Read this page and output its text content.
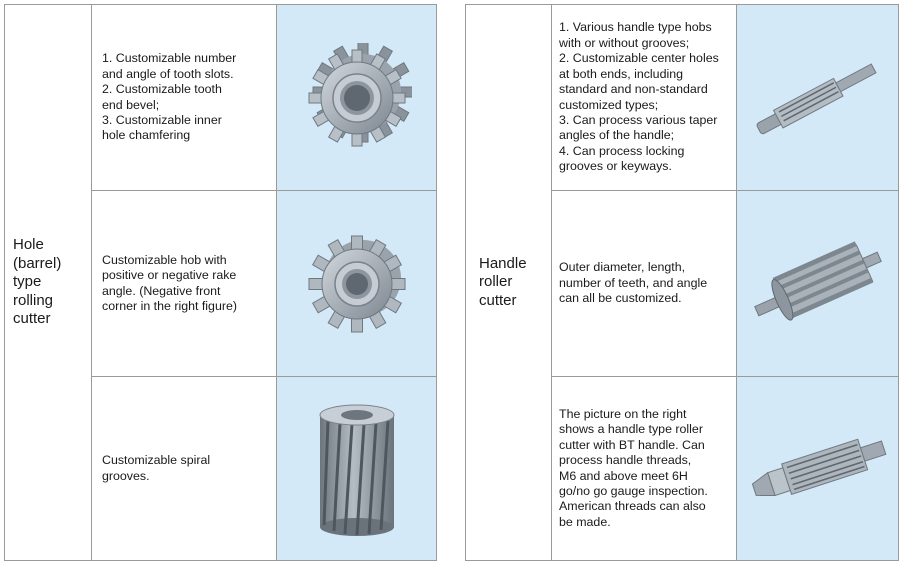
Hole
(barrel)
type
rolling
cutter
1. Customizable number
and angle of tooth slots.
2. Customizable tooth
end bevel;
3. Customizable inner
hole chamfering
Customizable hob with
positive or negative rake
angle. (Negative front
corner in the right figure)
Customizable spiral
grooves.
Handle
roller
cutter
1. Various handle type hobs
with or without grooves;
2. Customizable center holes
at both ends, including
standard and non-standard
customized types;
3. Can process various taper
angles of the handle;
4. Can process locking
grooves or keyways.
Outer diameter, length,
number of teeth, and angle
can all be customized.
The picture on the right
shows a handle type roller
cutter with BT handle. Can
process handle threads,
M6 and above meet 6H
go/no go gauge inspection.
American threads can also
be made.
